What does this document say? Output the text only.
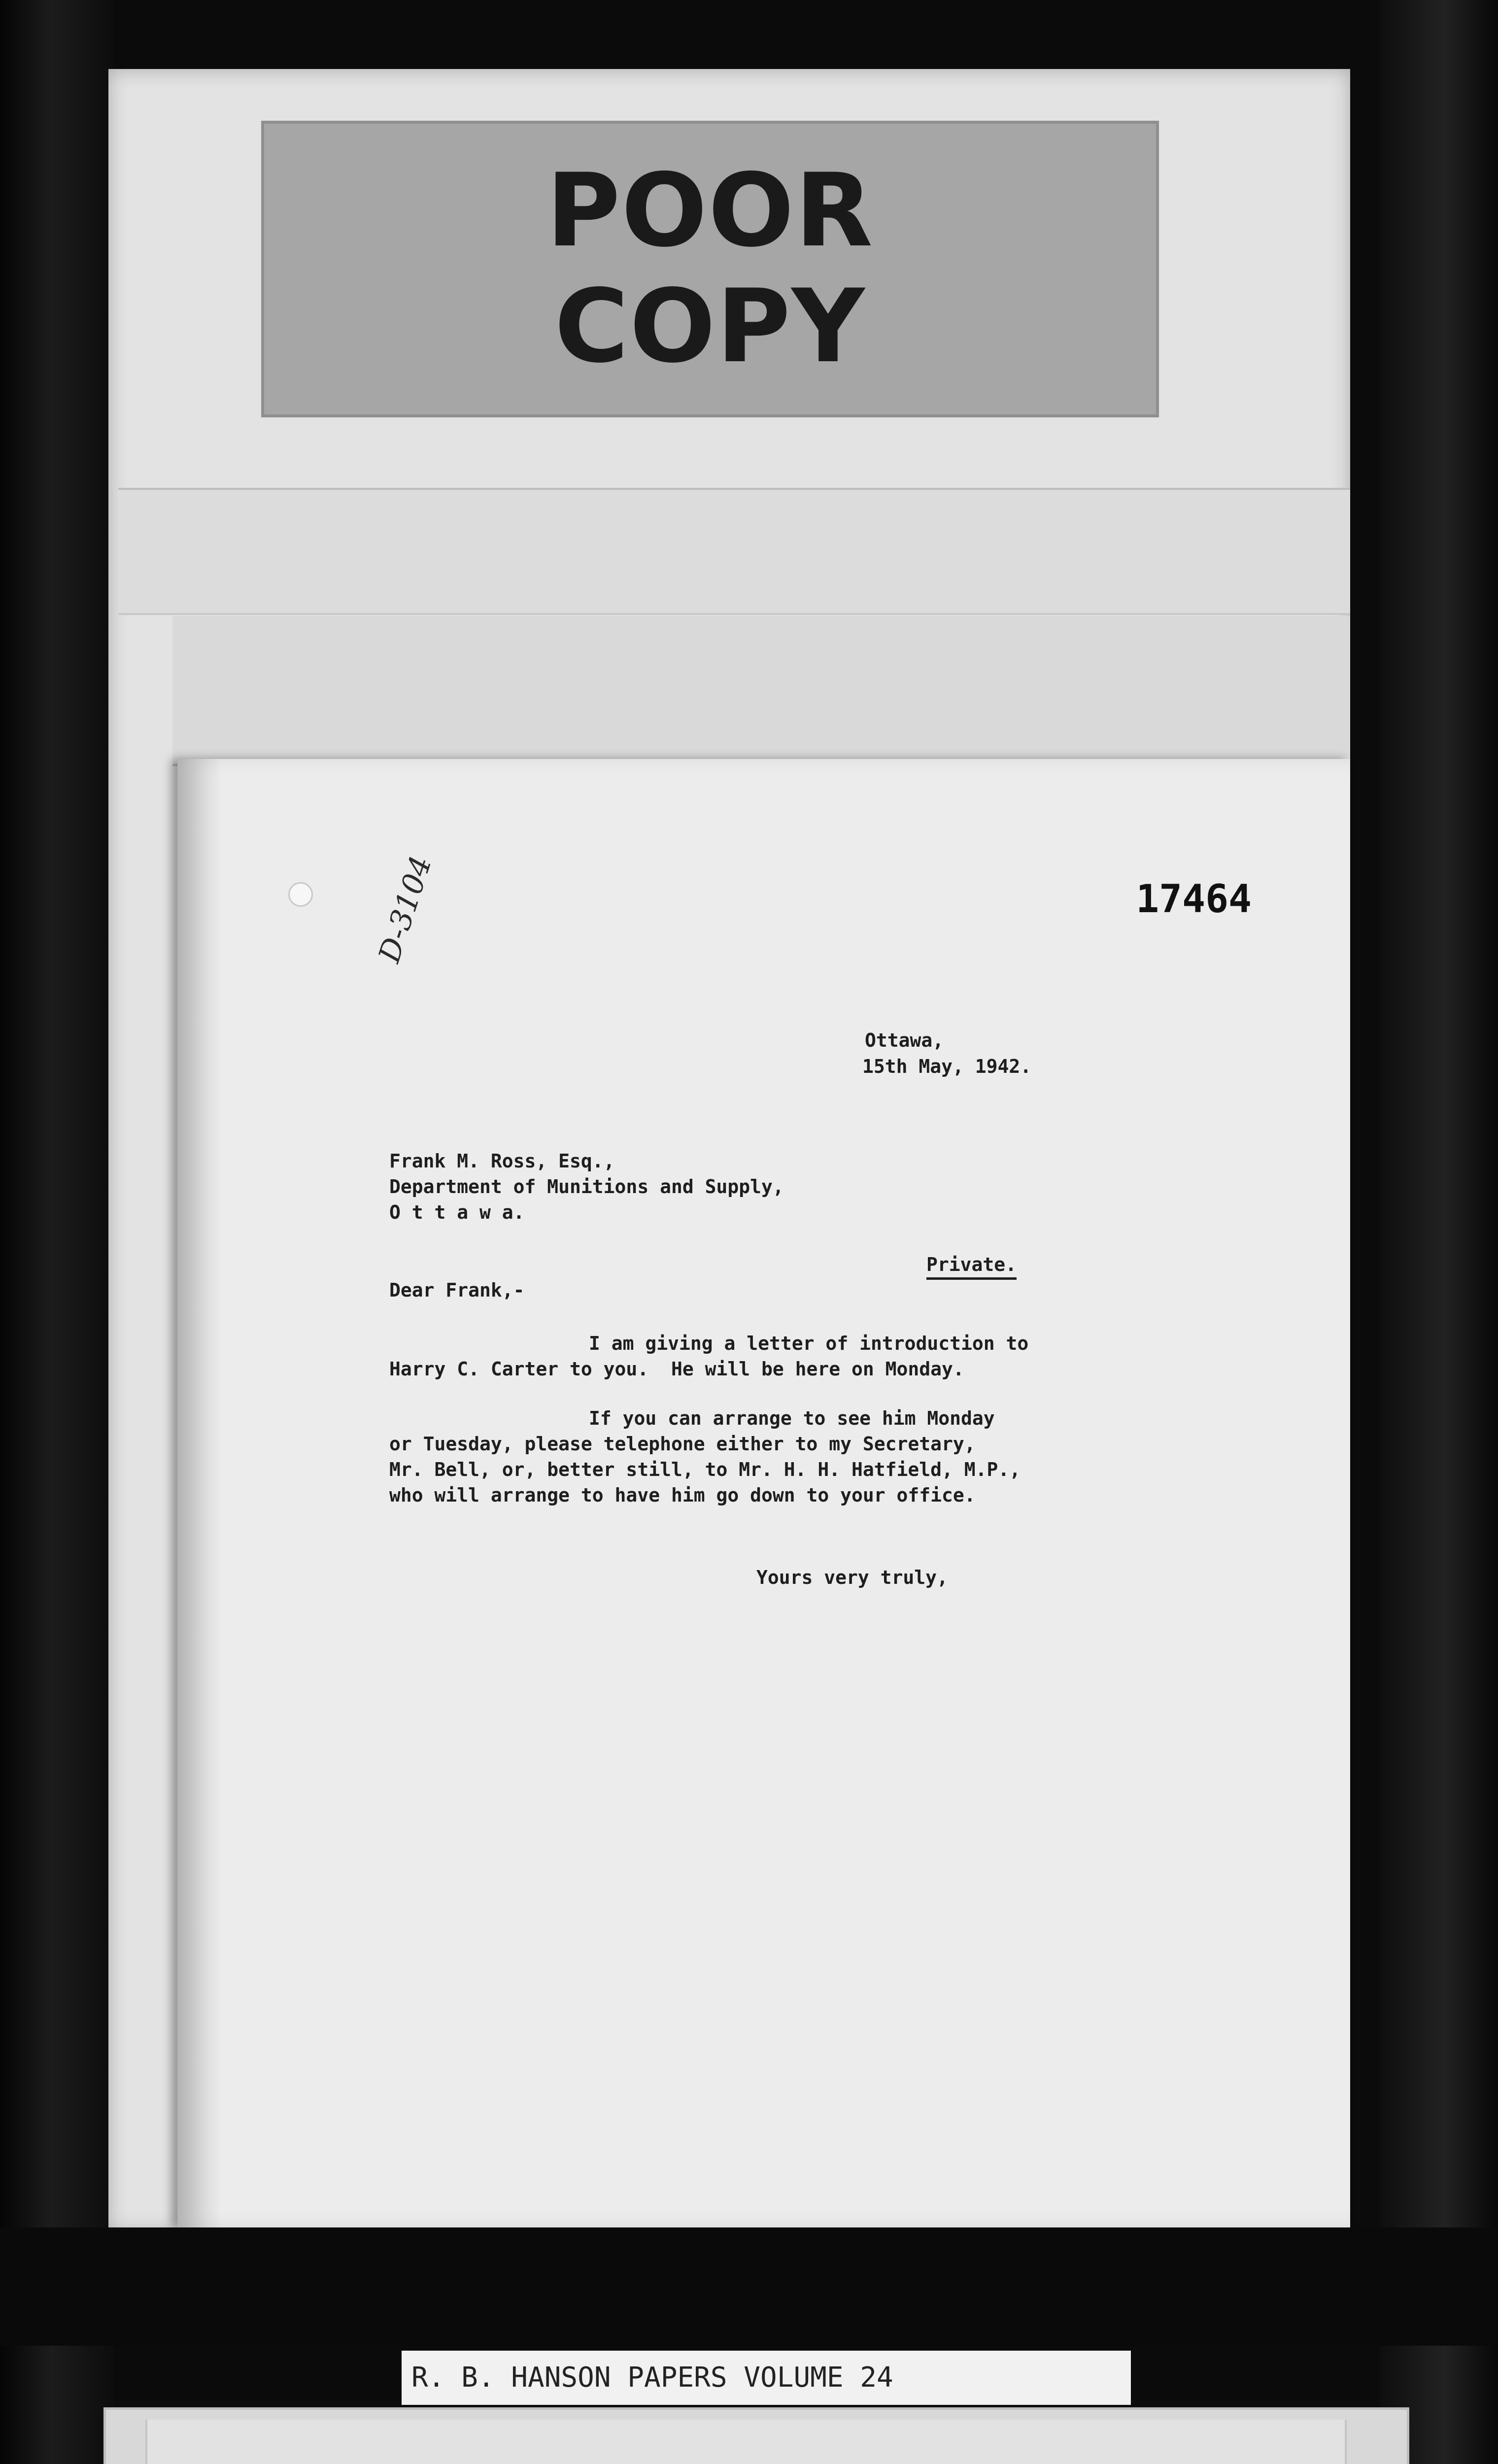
POOR
COPY
17464
D-3104
Ottawa,
15th May, 1942.
Frank M. Ross, Esq.,
Department of Munitions and Supply,
O t t a w a.
Private.
Dear Frank,-
I am giving a letter of introduction to
Harry C. Carter to you.  He will be here on Monday.
If you can arrange to see him Monday
or Tuesday, please telephone either to my Secretary,
Mr. Bell, or, better still, to Mr. H. H. Hatfield, M.P.,
who will arrange to have him go down to your office.
Yours very truly,
R. B. HANSON PAPERS VOLUME 24
